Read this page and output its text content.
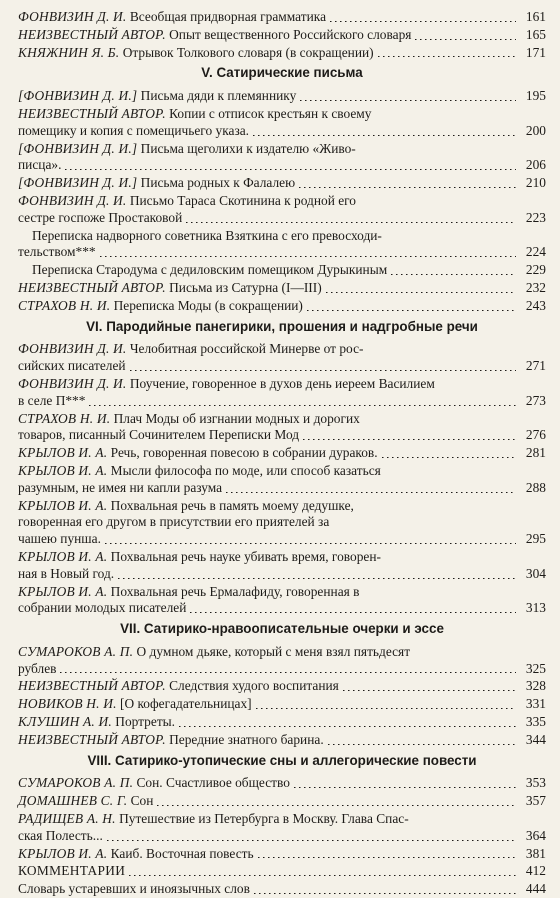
ФОНВИЗИН Д. И.
Всеобщая придворная грамматика	161
НЕИЗВЕСТНЫЙ АВТОР.
Опыт вещественного Российского словаря	165
КНЯЖНИН Я. Б.
Отрывок Толкового словаря (в сокращении)	171
V. Сатирические письма
[ФОНВИЗИН Д. И.]
Письма дяди к племяннику	195
НЕИЗВЕСТНЫЙ АВТОР.
Копии с отписок крестьян к своему
помещику и копия с помещичьего указа.	200
[ФОНВИЗИН Д. И.]
Письма щеголихи к издателю «Живо-
писца».	206
[ФОНВИЗИН Д. И.]
Письма родных к Фалалею	210
ФОНВИЗИН Д. И.
Письмо Тараса Скотинина к родной его
сестре госпоже Простаковой	223
Переписка надворного советника Взяткина с его превосходи-
тельством***	224
Переписка Стародума с дедиловским помещиком Дурыкиным	229
НЕИЗВЕСТНЫЙ АВТОР.
Письма из Сатурна (I—III)	232
СТРАХОВ Н. И.
Переписка Моды (в сокращении)	243
VI. Пародийные панегирики, прошения и надгробные речи
ФОНВИЗИН Д. И.
Челобитная российской Минерве от рос-
сийских писателей	271
ФОНВИЗИН Д. И.
Поучение, говоренное в духов день иереем Василием
в селе П***	273
СТРАХОВ Н. И.
Плач Моды об изгнании модных и дорогих
товаров, писанный Сочинителем Переписки Мод	276
КРЫЛОВ И. А.
Речь, говоренная повесою в собрании дураков.	281
КРЫЛОВ И. А.
Мысли философа по моде, или способ казаться
разумным, не имея ни капли разума	288
КРЫЛОВ И. А.
Похвальная речь в память моему дедушке,
говоренная его другом в присутствии его приятелей за
чашею пунша.	295
КРЫЛОВ И. А.
Похвальная речь науке убивать время, говорен-
ная в Новый год.	304
КРЫЛОВ И. А.
Похвальная речь Ермалафиду, говоренная в
собрании молодых писателей	313
VII. Сатирико-нравоописательные очерки и эссе
СУМАРОКОВ А. П.
О думном дьяке, который с меня взял пятьдесят
рублев	325
НЕИЗВЕСТНЫЙ АВТОР.
Следствия худого воспитания	328
НОВИКОВ Н. И.
[О кофегадательницах]	331
КЛУШИН А. И.
Портреты.	335
НЕИЗВЕСТНЫЙ АВТОР.
Передние знатного барина.	344
VIII. Сатирико-утопические сны и аллегорические повести
СУМАРОКОВ А. П.
Сон. Счастливое общество	353
ДОМАШНЕВ С. Г.
Сон	357
РАДИЩЕВ А. Н.
Путешествие из Петербурга в Москву. Глава Спас-
ская Полесть...	364
КРЫЛОВ И. А.
Каиб. Восточная повесть	381
КОММЕНТАРИИ	412
Словарь устаревших и иноязычных слов	444
